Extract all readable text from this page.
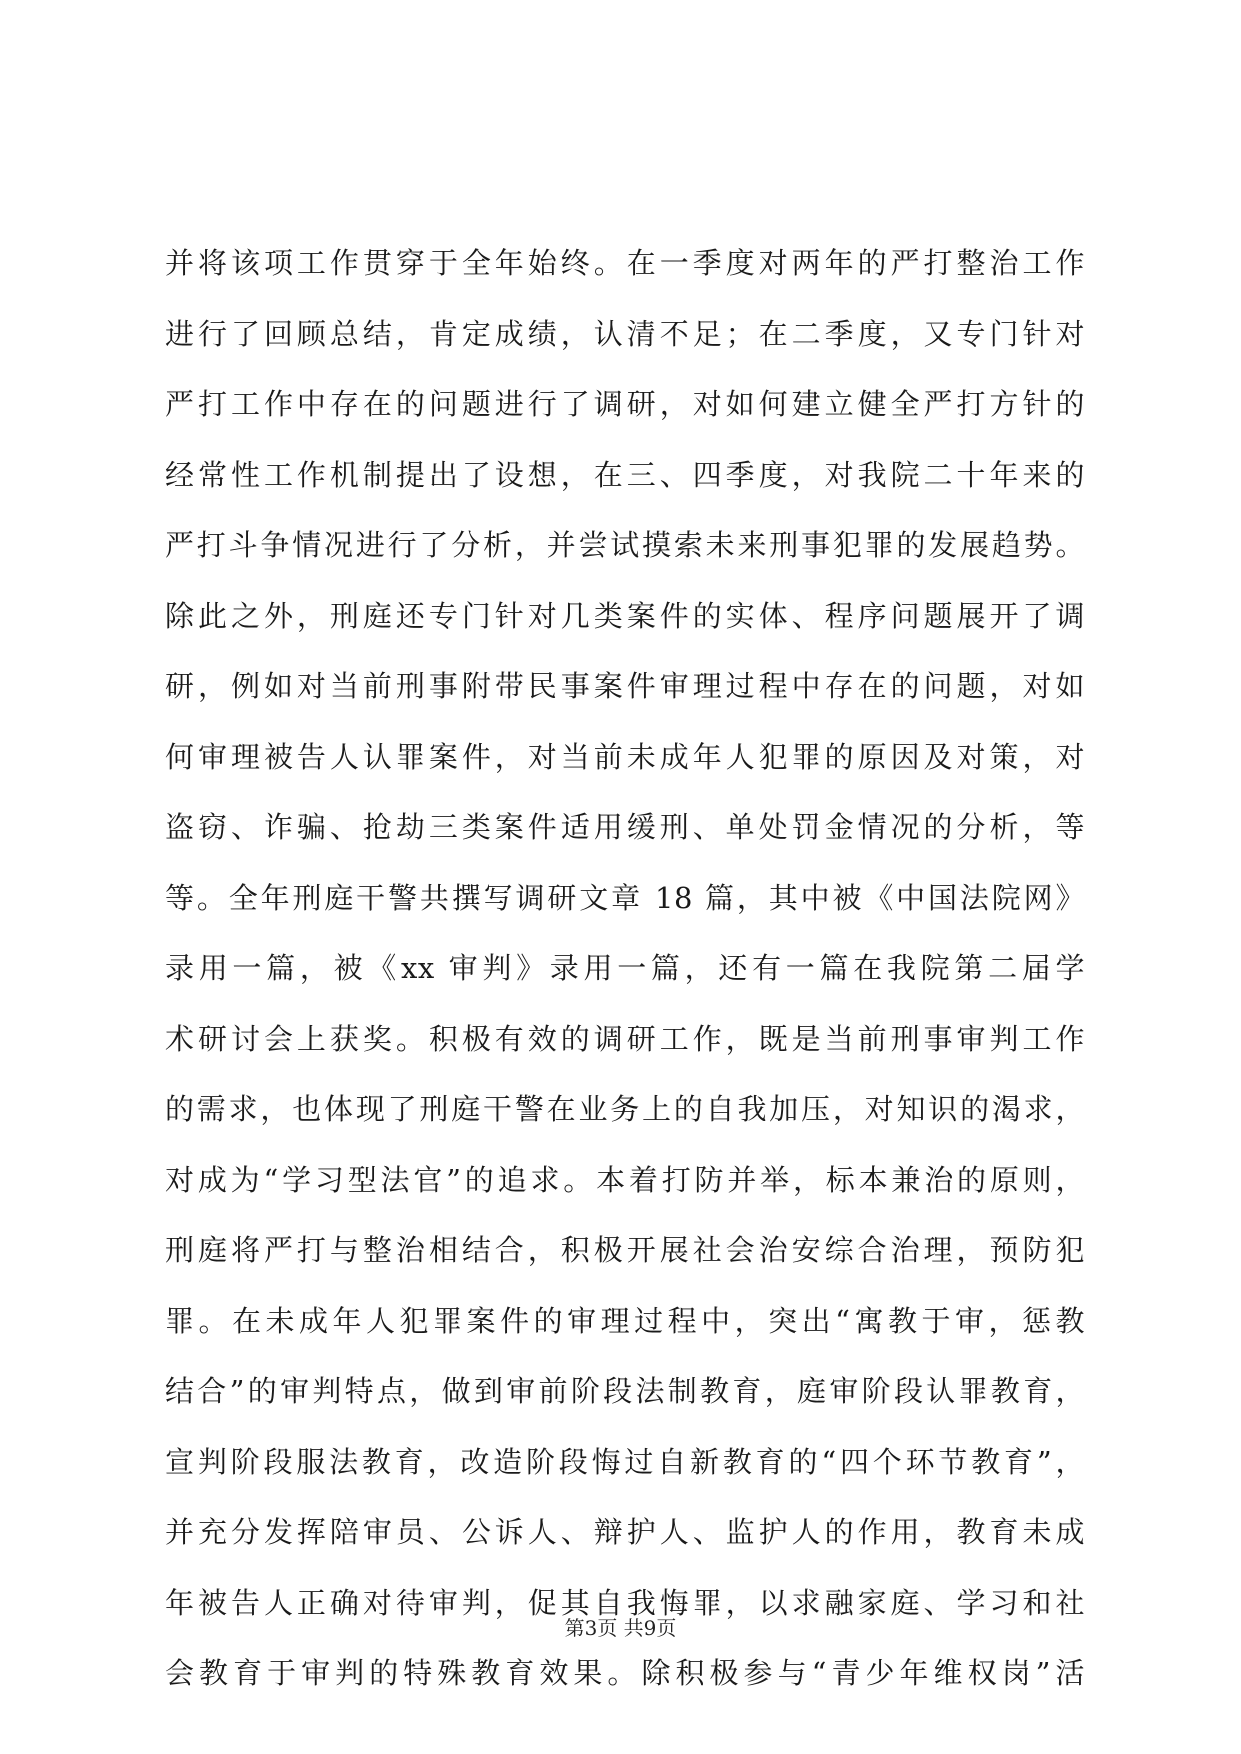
并将该项工作贯穿于全年始终。在一季度对两年的严打整治工作
进行了回顾总结，肯定成绩，认清不足；在二季度，又专门针对
严打工作中存在的问题进行了调研，对如何建立健全严打方针的
经常性工作机制提出了设想，在三、四季度，对我院二十年来的
严打斗争情况进行了分析，并尝试摸索未来刑事犯罪的发展趋势。
除此之外，刑庭还专门针对几类案件的实体、程序问题展开了调
研，例如对当前刑事附带民事案件审理过程中存在的问题，对如
何审理被告人认罪案件，对当前未成年人犯罪的原因及对策，对
盗窃、诈骗、抢劫三类案件适用缓刑、单处罚金情况的分析，等
等。全年刑庭干警共撰写调研文章 18 篇，其中被《中国法院网》
录用一篇，被《xx 审判》录用一篇，还有一篇在我院第二届学
术研讨会上获奖。积极有效的调研工作，既是当前刑事审判工作
的需求，也体现了刑庭干警在业务上的自我加压，对知识的渴求，
对成为“学习型法官”的追求。本着打防并举，标本兼治的原则，
刑庭将严打与整治相结合，积极开展社会治安综合治理，预防犯
罪。在未成年人犯罪案件的审理过程中，突出“寓教于审，惩教
结合”的审判特点，做到审前阶段法制教育，庭审阶段认罪教育，
宣判阶段服法教育，改造阶段悔过自新教育的“四个环节教育”，
并充分发挥陪审员、公诉人、辩护人、监护人的作用，教育未成
年被告人正确对待审判，促其自我悔罪，以求融家庭、学习和社
会教育于审判的特殊教育效果。除积极参与“青少年维权岗”活
第3页 共9页
